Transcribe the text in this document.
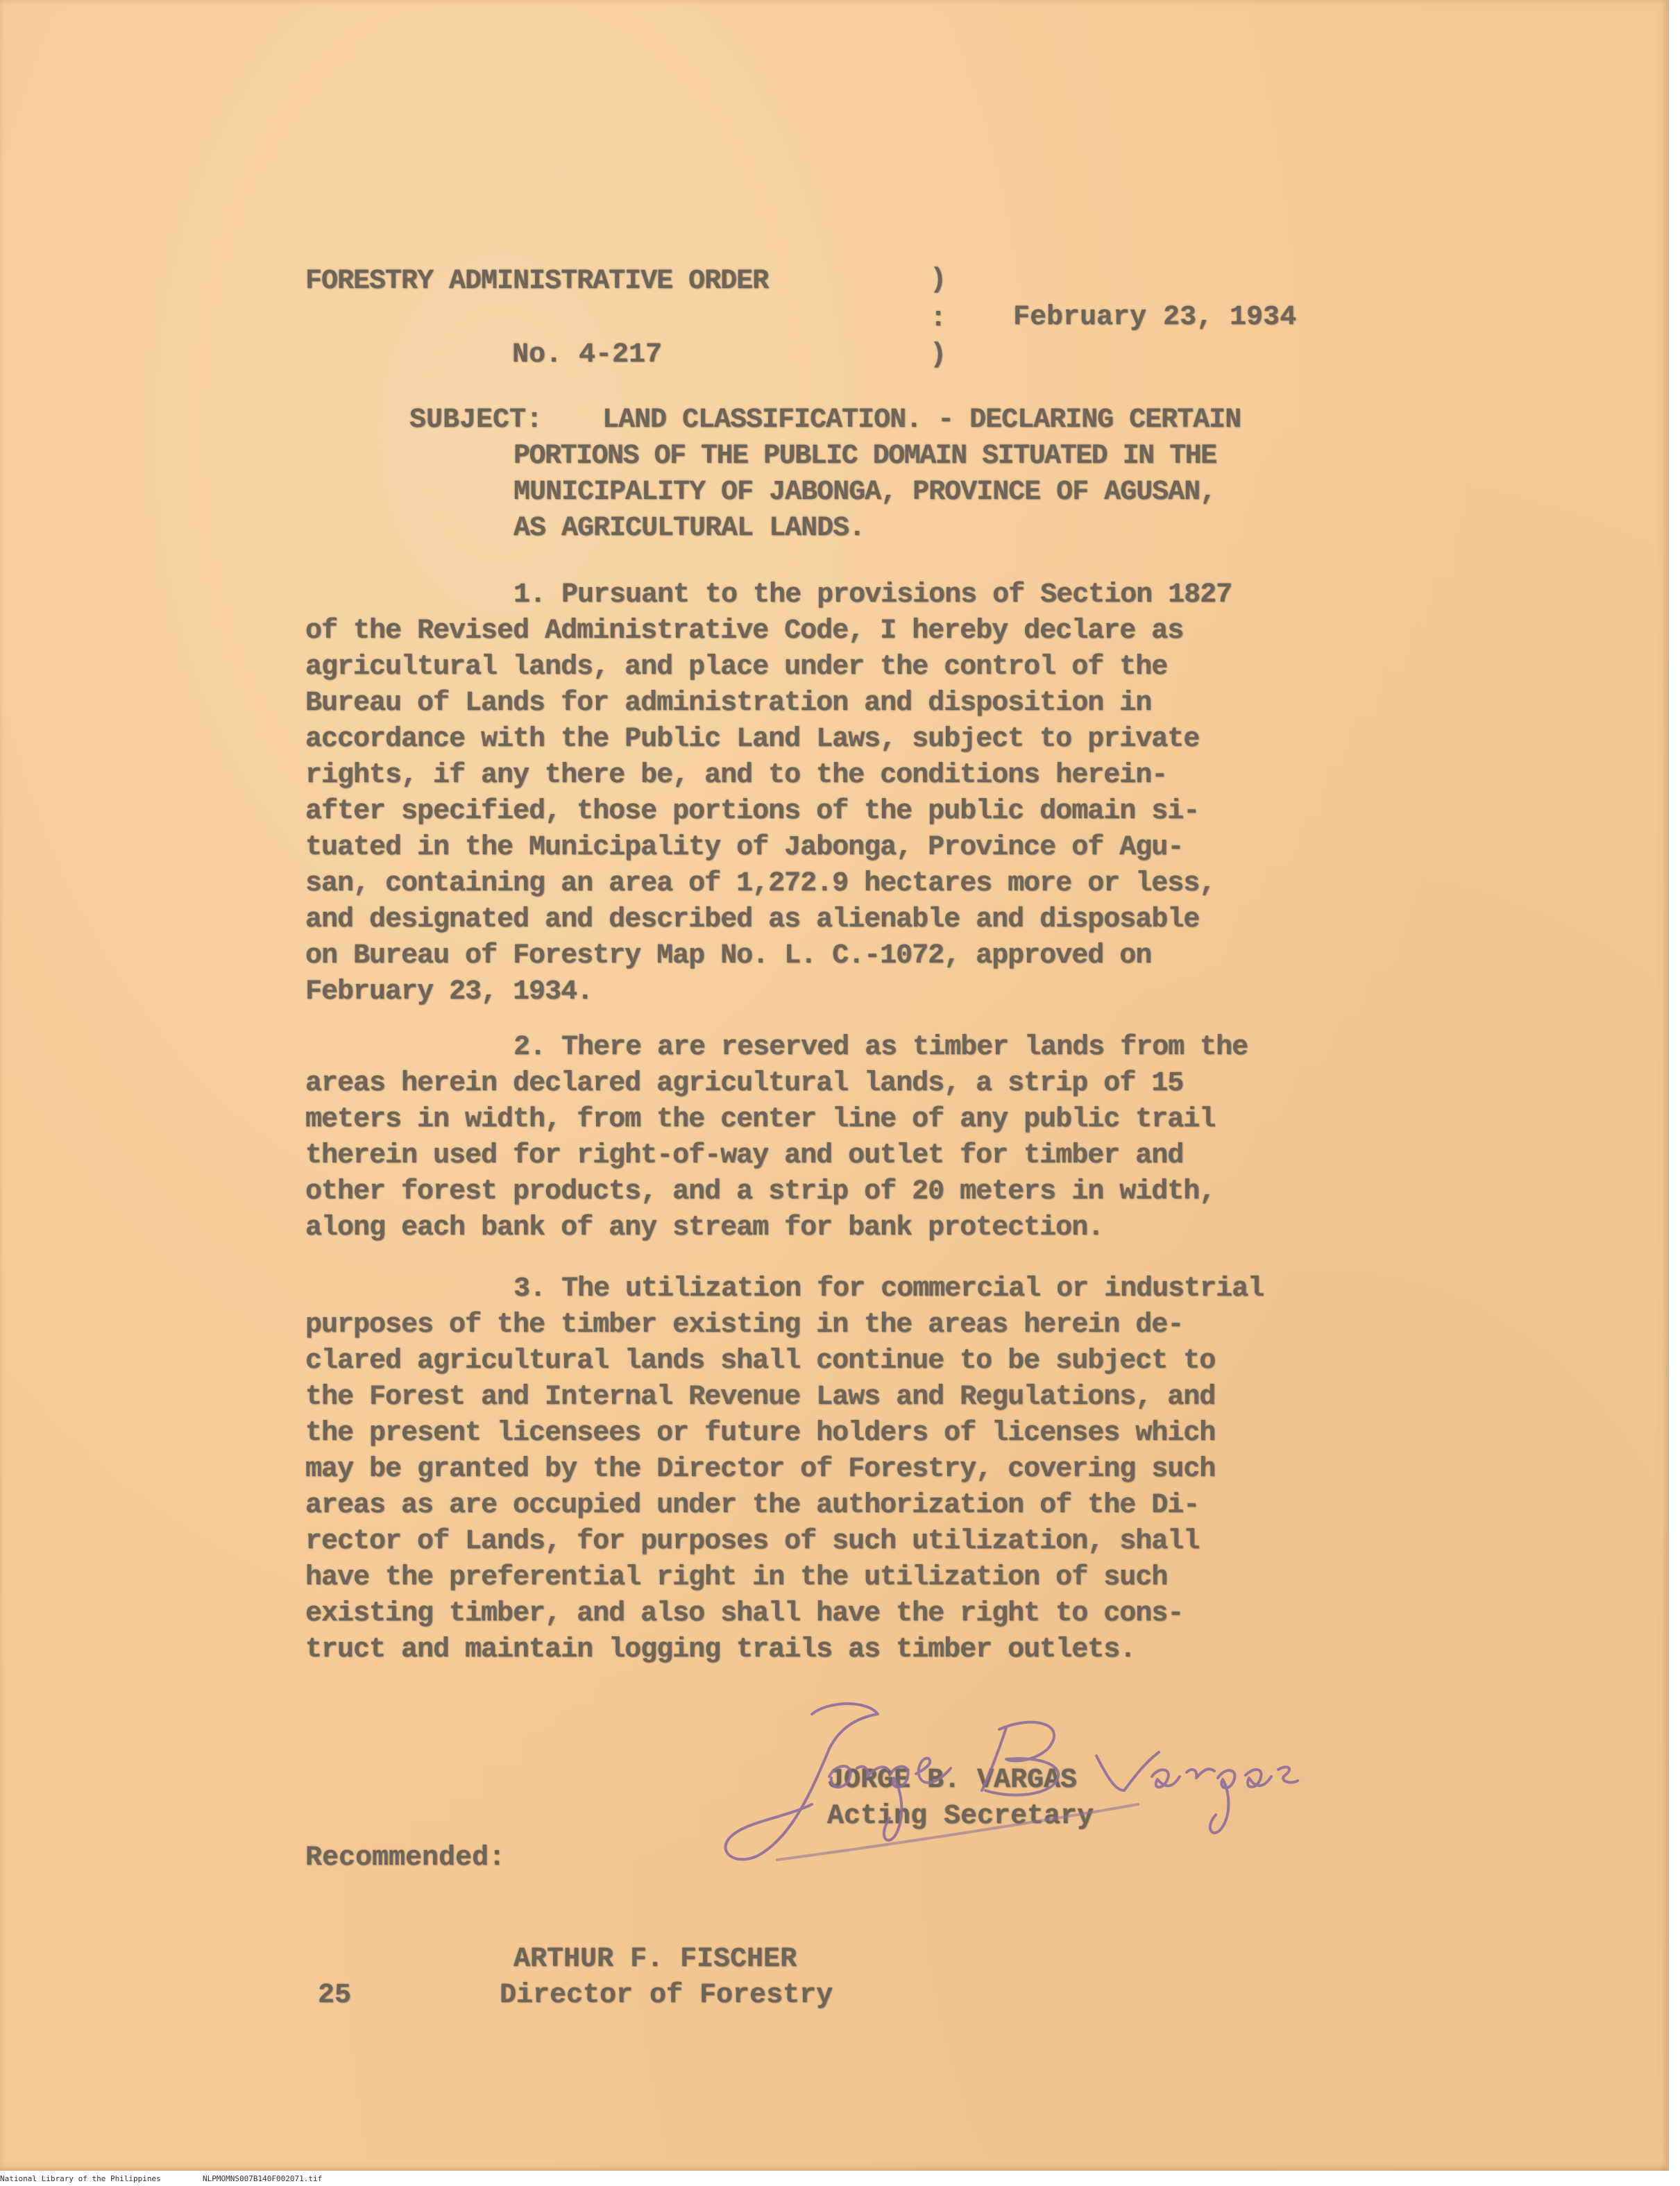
FORESTRY ADMINISTRATIVE ORDER	)

:

)

February 23, 1934

No. 4-217

SUBJECT: LAND CLASSIFICATION. - DECLARING CERTAIN

PORTIONS OF THE PUBLIC DOMAIN SITUATED IN THE

MUNICIPALITY OF JABONGA, PROVINCE OF AGUSAN,

AS AGRICULTURAL LANDS.

1. Pursuant to the provisions of Section 1827

of the Revised Administrative Code, I hereby declare as

agricultural lands, and place under the control of the

Bureau of Lands for administration and disposition in

accordance with the Public Land Laws, subject to private

rights, if any there be, and to the conditions herein-

after specified, those portions of the public domain si-

tuated in the Municipality of Jabonga, Province of Agu-

san, containing an area of 1,272.9 hectares more or less,

and designated and described as alienable and disposable

on Bureau of Forestry Map No. L. C.-1072, approved on

February 23, 1934.

2. There are reserved as timber lands from the

areas herein declared agricultural lands, a strip of 15

meters in width, from the center line of any public trail

therein used for right-of-way and outlet for timber and

other forest products, and a strip of 20 meters in width,

along each bank of any stream for bank protection.

3. The utilization for commercial or industrial

purposes of the timber existing in the areas herein de-

clared agricultural lands shall continue to be subject to

the Forest and Internal Revenue Laws and Regulations, and

the present licensees or future holders of licenses which

may be granted by the Director of Forestry, covering such

areas as are occupied under the authorization of the Di-

rector of Lands, for purposes of such utilization, shall

have the preferential right in the utilization of such

existing timber, and also shall have the right to cons-

truct and maintain logging trails as timber outlets.

JORGE B. VARGAS

Acting Secretary

Recommended:

ARTHUR F. FISCHER

Director of Forestry

25

National Library of the Philippines	NLPMOMNS007B140F002071.tif
